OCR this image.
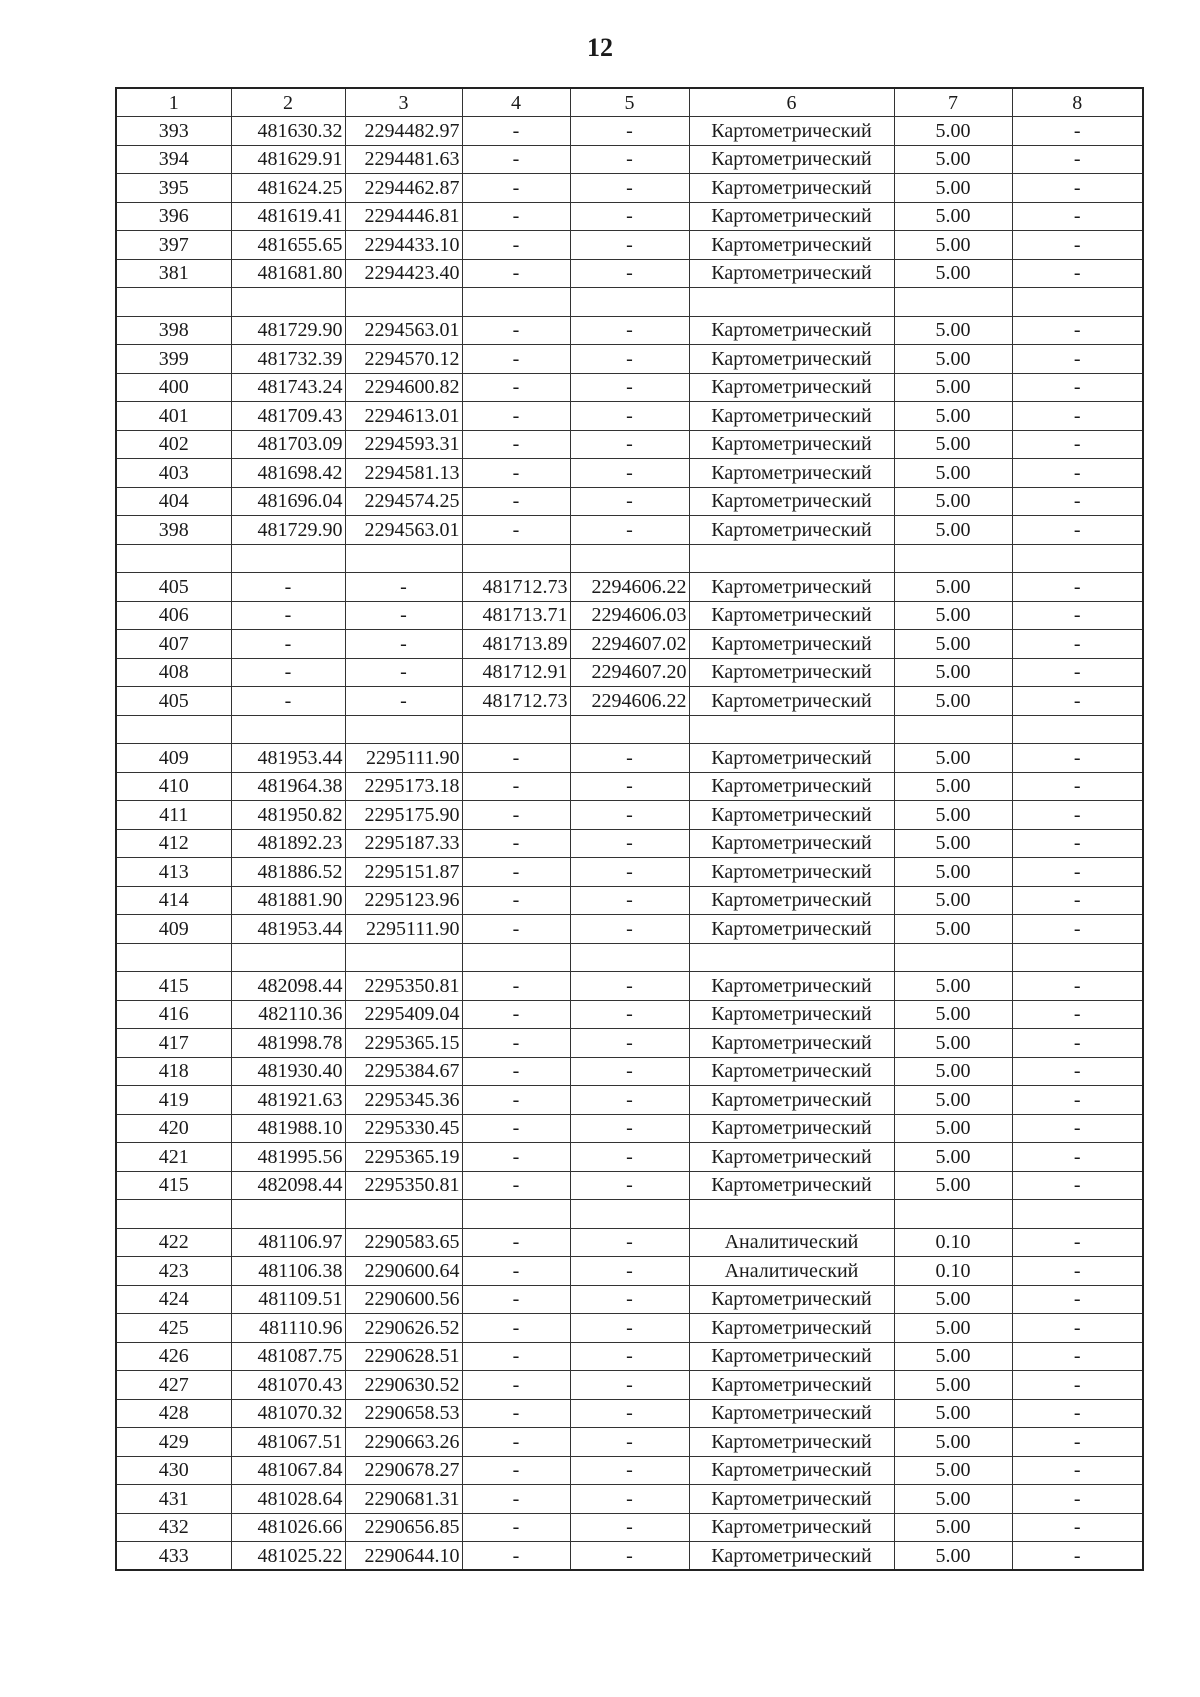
12
1	2	3	4	5	6	7	8
393	481630.32	2294482.97	-	-	Картометрический	5.00	-
394	481629.91	2294481.63	-	-	Картометрический	5.00	-
395	481624.25	2294462.87	-	-	Картометрический	5.00	-
396	481619.41	2294446.81	-	-	Картометрический	5.00	-
397	481655.65	2294433.10	-	-	Картометрический	5.00	-
381	481681.80	2294423.40	-	-	Картометрический	5.00	-

398	481729.90	2294563.01	-	-	Картометрический	5.00	-
399	481732.39	2294570.12	-	-	Картометрический	5.00	-
400	481743.24	2294600.82	-	-	Картометрический	5.00	-
401	481709.43	2294613.01	-	-	Картометрический	5.00	-
402	481703.09	2294593.31	-	-	Картометрический	5.00	-
403	481698.42	2294581.13	-	-	Картометрический	5.00	-
404	481696.04	2294574.25	-	-	Картометрический	5.00	-
398	481729.90	2294563.01	-	-	Картометрический	5.00	-

405	-	-	481712.73	2294606.22	Картометрический	5.00	-
406	-	-	481713.71	2294606.03	Картометрический	5.00	-
407	-	-	481713.89	2294607.02	Картометрический	5.00	-
408	-	-	481712.91	2294607.20	Картометрический	5.00	-
405	-	-	481712.73	2294606.22	Картометрический	5.00	-

409	481953.44	2295111.90	-	-	Картометрический	5.00	-
410	481964.38	2295173.18	-	-	Картометрический	5.00	-
411	481950.82	2295175.90	-	-	Картометрический	5.00	-
412	481892.23	2295187.33	-	-	Картометрический	5.00	-
413	481886.52	2295151.87	-	-	Картометрический	5.00	-
414	481881.90	2295123.96	-	-	Картометрический	5.00	-
409	481953.44	2295111.90	-	-	Картометрический	5.00	-

415	482098.44	2295350.81	-	-	Картометрический	5.00	-
416	482110.36	2295409.04	-	-	Картометрический	5.00	-
417	481998.78	2295365.15	-	-	Картометрический	5.00	-
418	481930.40	2295384.67	-	-	Картометрический	5.00	-
419	481921.63	2295345.36	-	-	Картометрический	5.00	-
420	481988.10	2295330.45	-	-	Картометрический	5.00	-
421	481995.56	2295365.19	-	-	Картометрический	5.00	-
415	482098.44	2295350.81	-	-	Картометрический	5.00	-

422	481106.97	2290583.65	-	-	Аналитический	0.10	-
423	481106.38	2290600.64	-	-	Аналитический	0.10	-
424	481109.51	2290600.56	-	-	Картометрический	5.00	-
425	481110.96	2290626.52	-	-	Картометрический	5.00	-
426	481087.75	2290628.51	-	-	Картометрический	5.00	-
427	481070.43	2290630.52	-	-	Картометрический	5.00	-
428	481070.32	2290658.53	-	-	Картометрический	5.00	-
429	481067.51	2290663.26	-	-	Картометрический	5.00	-
430	481067.84	2290678.27	-	-	Картометрический	5.00	-
431	481028.64	2290681.31	-	-	Картометрический	5.00	-
432	481026.66	2290656.85	-	-	Картометрический	5.00	-
433	481025.22	2290644.10	-	-	Картометрический	5.00	-
